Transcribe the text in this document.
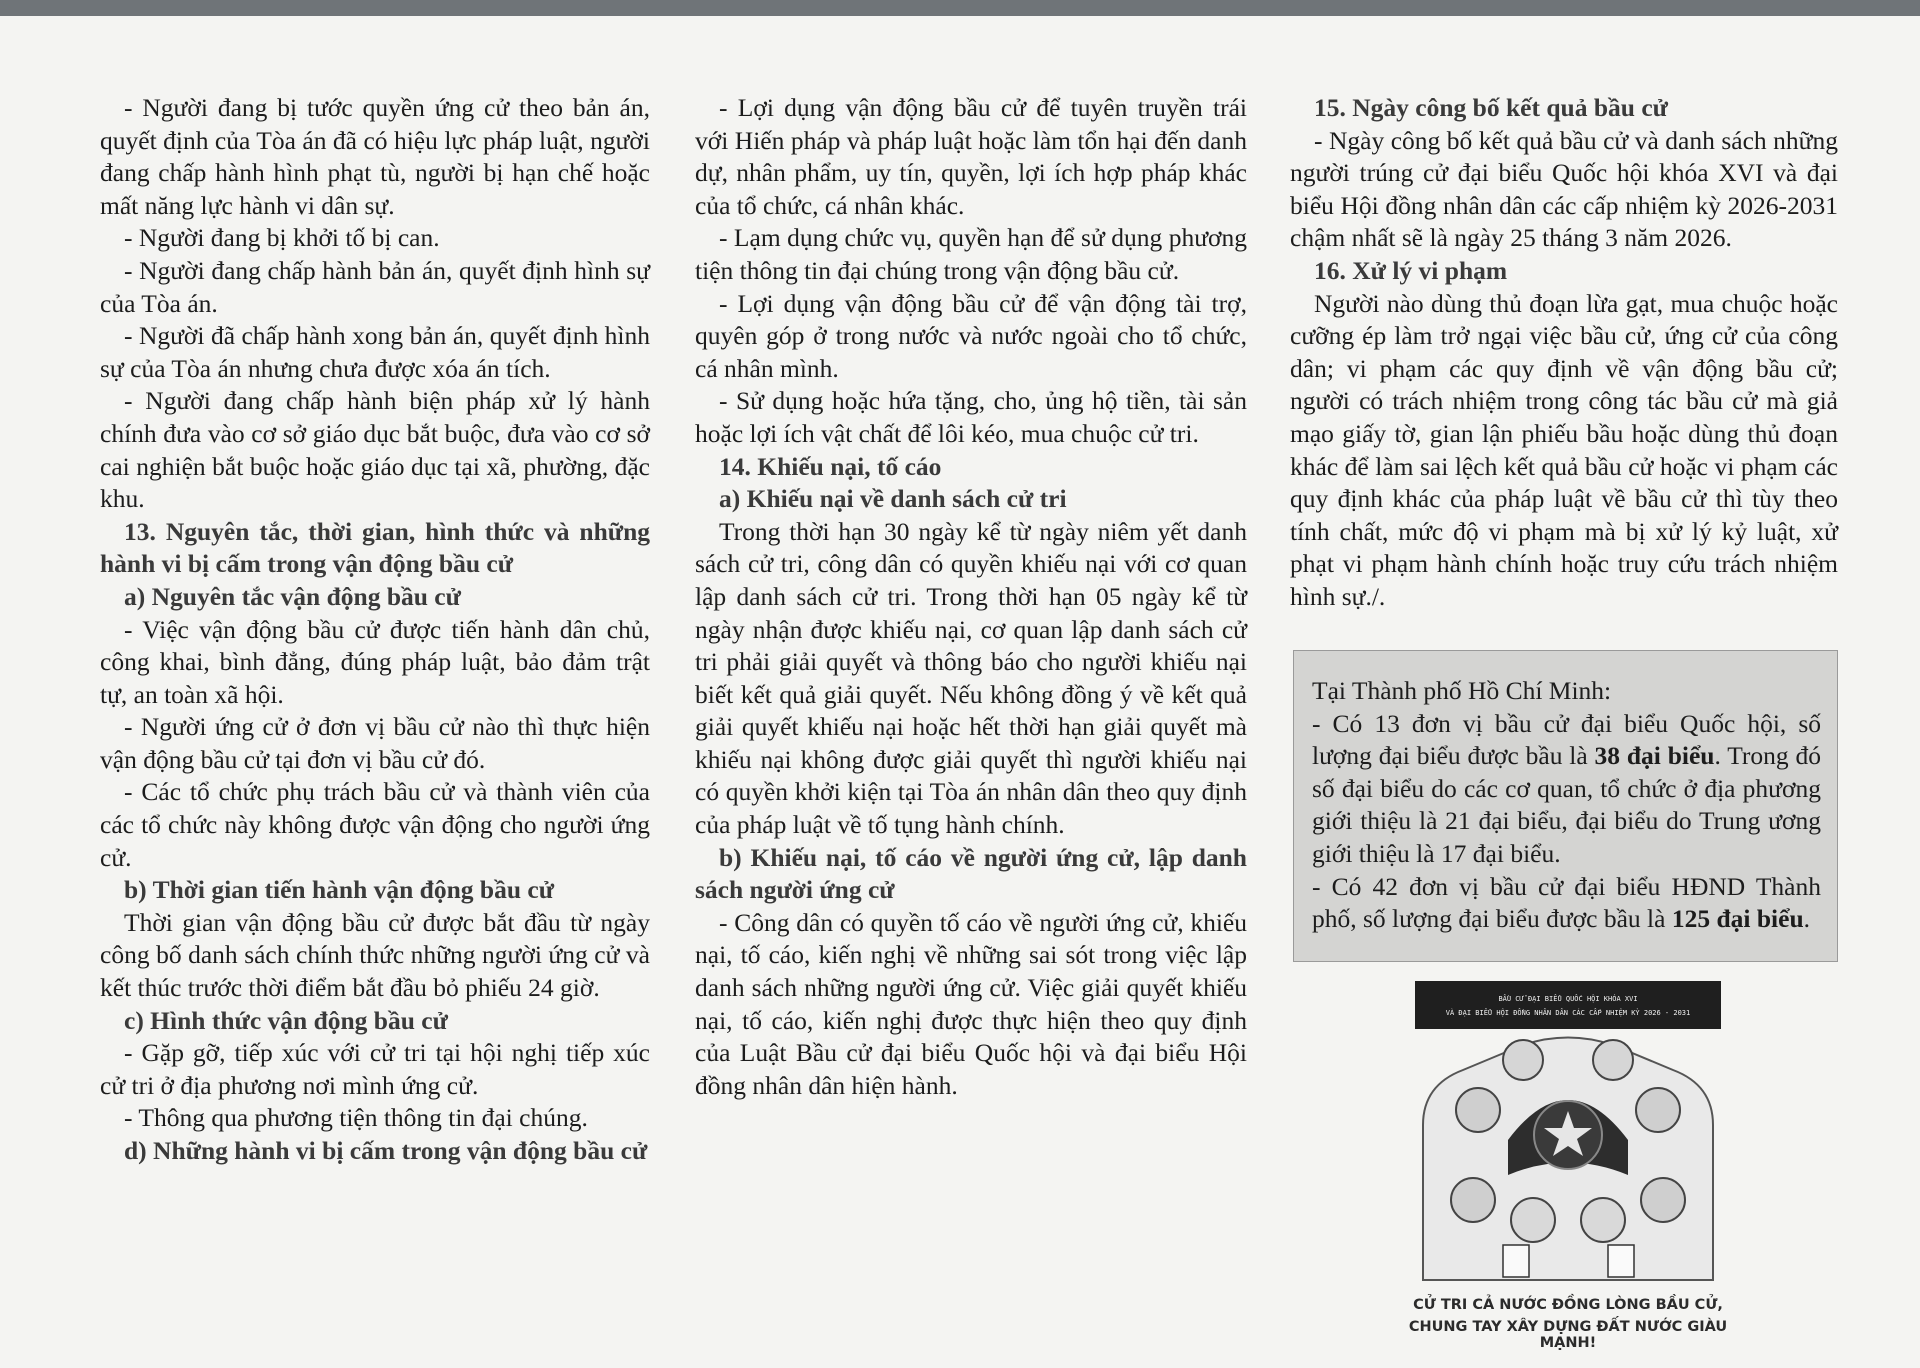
- Người đang bị tước quyền ứng cử theo bản án, quyết định của Tòa án đã có hiệu lực pháp luật, người đang chấp hành hình phạt tù, người bị hạn chế hoặc mất năng lực hành vi dân sự.

- Người đang bị khởi tố bị can.

- Người đang chấp hành bản án, quyết định hình sự của Tòa án.

- Người đã chấp hành xong bản án, quyết định hình sự của Tòa án nhưng chưa được xóa án tích.

- Người đang chấp hành biện pháp xử lý hành chính đưa vào cơ sở giáo dục bắt buộc, đưa vào cơ sở cai nghiện bắt buộc hoặc giáo dục tại xã, phường, đặc khu.

13. Nguyên tắc, thời gian, hình thức và những hành vi bị cấm trong vận động bầu cử

a) Nguyên tắc vận động bầu cử

- Việc vận động bầu cử được tiến hành dân chủ, công khai, bình đẳng, đúng pháp luật, bảo đảm trật tự, an toàn xã hội.

- Người ứng cử ở đơn vị bầu cử nào thì thực hiện vận động bầu cử tại đơn vị bầu cử đó.

- Các tổ chức phụ trách bầu cử và thành viên của các tổ chức này không được vận động cho người ứng cử.

b) Thời gian tiến hành vận động bầu cử

Thời gian vận động bầu cử được bắt đầu từ ngày công bố danh sách chính thức những người ứng cử và kết thúc trước thời điểm bắt đầu bỏ phiếu 24 giờ.

c) Hình thức vận động bầu cử

- Gặp gỡ, tiếp xúc với cử tri tại hội nghị tiếp xúc cử tri ở địa phương nơi mình ứng cử.

- Thông qua phương tiện thông tin đại chúng.

d) Những hành vi bị cấm trong vận động bầu cử

- Lợi dụng vận động bầu cử để tuyên truyền trái với Hiến pháp và pháp luật hoặc làm tổn hại đến danh dự, nhân phẩm, uy tín, quyền, lợi ích hợp pháp khác của tổ chức, cá nhân khác.

- Lạm dụng chức vụ, quyền hạn để sử dụng phương tiện thông tin đại chúng trong vận động bầu cử.

- Lợi dụng vận động bầu cử để vận động tài trợ, quyên góp ở trong nước và nước ngoài cho tổ chức, cá nhân mình.

- Sử dụng hoặc hứa tặng, cho, ủng hộ tiền, tài sản hoặc lợi ích vật chất để lôi kéo, mua chuộc cử tri.

14. Khiếu nại, tố cáo

a) Khiếu nại về danh sách cử tri

Trong thời hạn 30 ngày kể từ ngày niêm yết danh sách cử tri, công dân có quyền khiếu nại với cơ quan lập danh sách cử tri. Trong thời hạn 05 ngày kể từ ngày nhận được khiếu nại, cơ quan lập danh sách cử tri phải giải quyết và thông báo cho người khiếu nại biết kết quả giải quyết. Nếu không đồng ý về kết quả giải quyết khiếu nại hoặc hết thời hạn giải quyết mà khiếu nại không được giải quyết thì người khiếu nại có quyền khởi kiện tại Tòa án nhân dân theo quy định của pháp luật về tố tụng hành chính.

b) Khiếu nại, tố cáo về người ứng cử, lập danh sách người ứng cử

- Công dân có quyền tố cáo về người ứng cử, khiếu nại, tố cáo, kiến nghị về những sai sót trong việc lập danh sách những người ứng cử. Việc giải quyết khiếu nại, tố cáo, kiến nghị được thực hiện theo quy định của Luật Bầu cử đại biểu Quốc hội và đại biểu Hội đồng nhân dân hiện hành.

15. Ngày công bố kết quả bầu cử

- Ngày công bố kết quả bầu cử và danh sách những người trúng cử đại biểu Quốc hội khóa XVI và đại biểu Hội đồng nhân dân các cấp nhiệm kỳ 2026-2031 chậm nhất sẽ là ngày 25 tháng 3 năm 2026.

16. Xử lý vi phạm

Người nào dùng thủ đoạn lừa gạt, mua chuộc hoặc cưỡng ép làm trở ngại việc bầu cử, ứng cử của công dân; vi phạm các quy định về vận động bầu cử; người có trách nhiệm trong công tác bầu cử mà giả mạo giấy tờ, gian lận phiếu bầu hoặc dùng thủ đoạn khác để làm sai lệch kết quả bầu cử hoặc vi phạm các quy định khác của pháp luật về bầu cử thì tùy theo tính chất, mức độ vi phạm mà bị xử lý kỷ luật, xử phạt vi phạm hành chính hoặc truy cứu trách nhiệm hình sự./.

Tại Thành phố Hồ Chí Minh:

- Có 13 đơn vị bầu cử đại biểu Quốc hội, số lượng đại biểu được bầu là 38 đại biểu. Trong đó số đại biểu do các cơ quan, tổ chức ở địa phương giới thiệu là 21 đại biểu, đại biểu do Trung ương giới thiệu là 17 đại biểu.

- Có 42 đơn vị bầu cử đại biểu HĐND Thành phố, số lượng đại biểu được bầu là 125 đại biểu.

BẦU CỬ ĐẠI BIỂU QUỐC HỘI KHÓA XVI
VÀ ĐẠI BIỂU HỘI ĐỒNG NHÂN DÂN CÁC CẤP NHIỆM KỲ 2026 - 2031
CỬ TRI CẢ NƯỚC ĐỒNG LÒNG BẦU CỬ,
CHUNG TAY XÂY DỰNG ĐẤT NƯỚC GIÀU MẠNH!
